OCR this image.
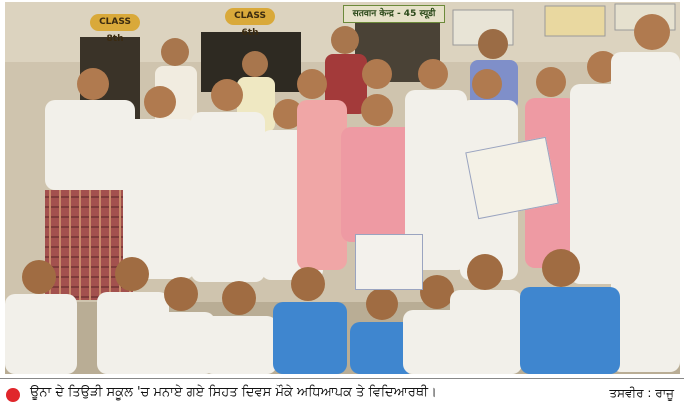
CLASS 8th
CLASS 6th
सतवान केन्द्र - 45 स्यूडी
ਊਨਾ ਦੇ ਤਿਉੜੀ ਸਕੂਲ 'ਚ ਮਨਾਏ ਗਏ ਸਿਹਤ ਦਿਵਸ ਮੌਕੇ ਅਧਿਆਪਕ ਤੇ ਵਿਦਿਆਰਥੀ।	ਤਸਵੀਰ : ਰਾਜੂ
